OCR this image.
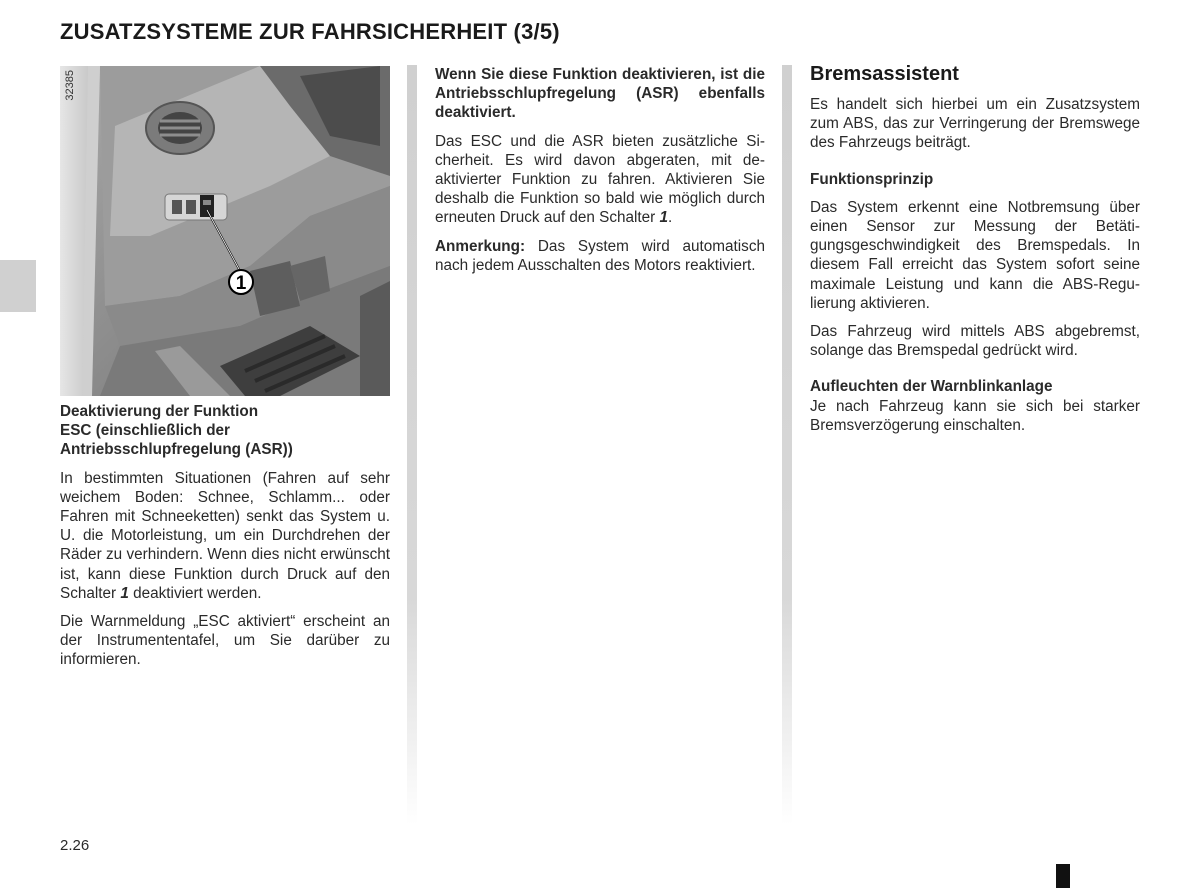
ZUSATZSYSTEME ZUR FAHRSICHERHEIT (3/5)
1
32385
Deaktivierung der Funktion
ESC (einschließlich der
Antriebsschlupfregelung (ASR))

In bestimmten Situationen (Fahren auf sehr weichem Boden: Schnee, Schlamm... oder Fahren mit Schneeketten) senkt das System u. U. die Motorleistung, um ein Durchdrehen der Räder zu verhindern. Wenn dies nicht erwünscht ist, kann diese Funktion durch Druck auf den Schalter 1 deaktiviert werden.

Die Warnmeldung „ESC aktiviert“ erscheint an der Instrumententafel, um Sie darüber zu informieren.

Wenn Sie diese Funktion deaktivieren, ist die Antriebsschlupfregelung (ASR) ebenfalls deaktiviert.

Das ESC und die ASR bieten zusätzliche Sicherheit. Es wird davon abgeraten, mit deaktivierter Funktion zu fahren. Aktivieren Sie deshalb die Funktion so bald wie möglich durch erneuten Druck auf den Schalter 1.

Anmerkung: Das System wird automatisch nach jedem Ausschalten des Motors reaktiviert.

Bremsassistent

Es handelt sich hierbei um ein Zusatzsystem zum ABS, das zur Verringerung der Bremswege des Fahrzeugs beiträgt.

Funktionsprinzip

Das System erkennt eine Notbremsung über einen Sensor zur Messung der Betätigungsgeschwindigkeit des Bremspedals. In diesem Fall erreicht das System sofort seine maximale Leistung und kann die ABS-Regulierung aktivieren.

Das Fahrzeug wird mittels ABS abgebremst, solange das Bremspedal gedrückt wird.

Aufleuchten der Warnblinkanlage

Je nach Fahrzeug kann sie sich bei starker Bremsverzögerung einschalten.

2.26
